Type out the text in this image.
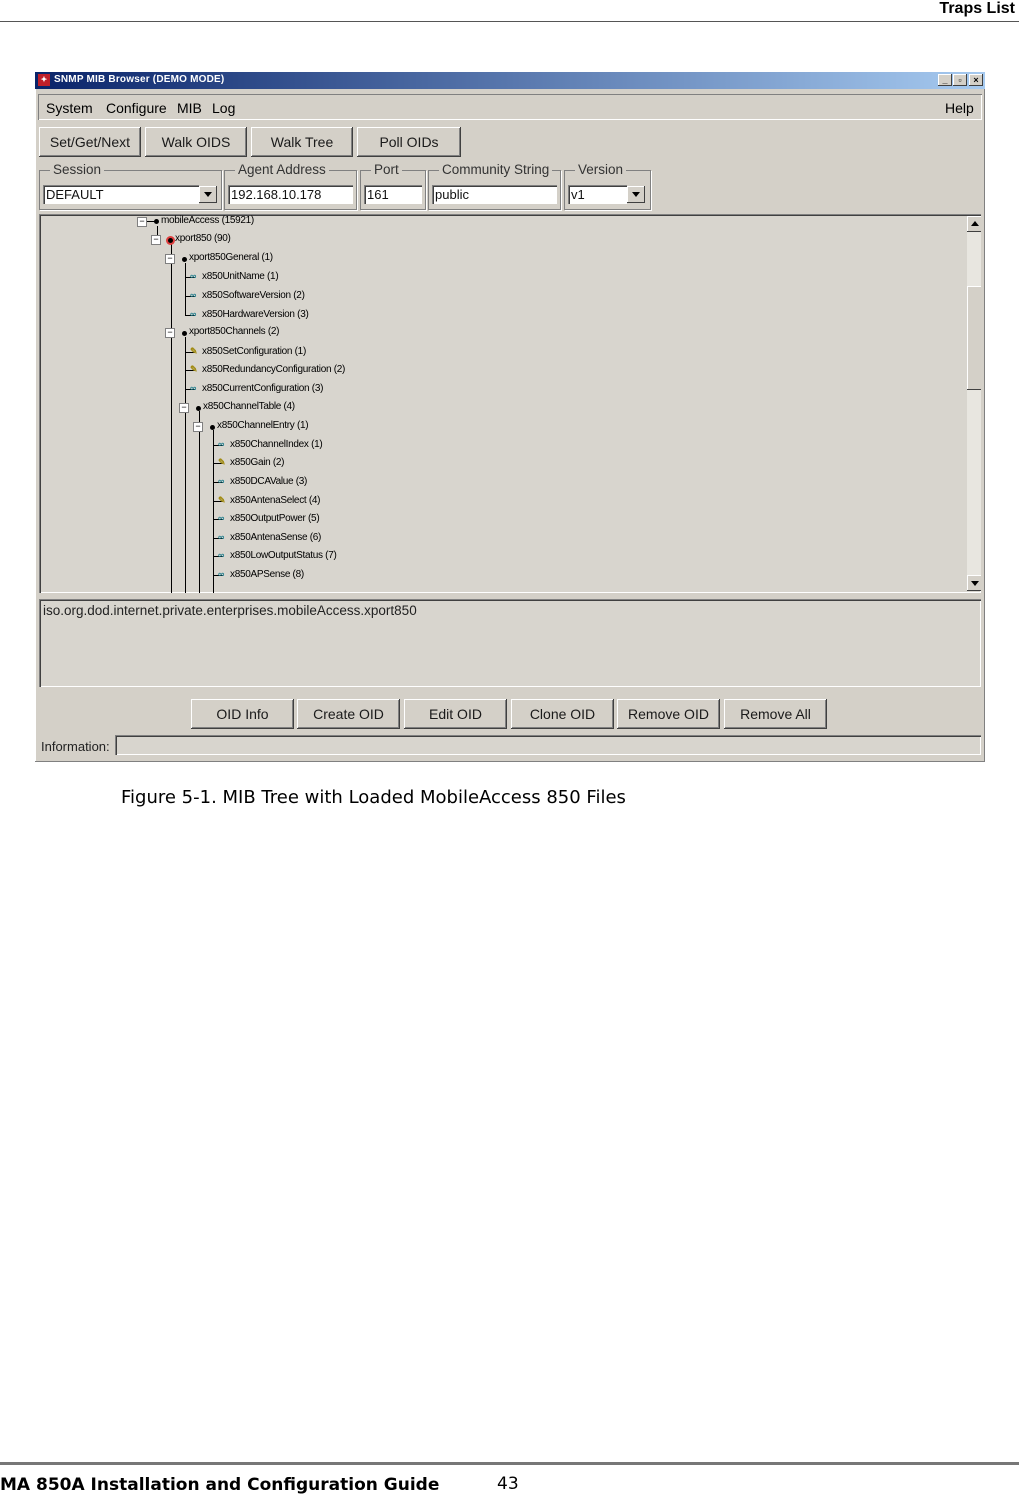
Traps List
✦ SNMP MIB Browser (DEMO MODE)	_	▫	×
System Configure MIB Log	Help
Set/Get/Next	Walk OIDS	Walk Tree	Poll OIDs
Session
DEFAULT
Agent Address
192.168.10.178
Port
161
Community String
public
Version
v1
− mobileAccess (15921)
− xport850 (90)
− xport850General (1)
∞ x850UnitName (1)
∞ x850SoftwareVersion (2)
∞ x850HardwareVersion (3)
− xport850Channels (2)
✎ x850SetConfiguration (1)
✎ x850RedundancyConfiguration (2)
∞ x850CurrentConfiguration (3)
− x850ChannelTable (4)
− x850ChannelEntry (1)
∞ x850ChannelIndex (1)
✎ x850Gain (2)
∞ x850DCAValue (3)
✎ x850AntenaSelect (4)
∞ x850OutputPower (5)
∞ x850AntenaSense (6)
∞ x850LowOutputStatus (7)
∞ x850APSense (8)
iso.org.dod.internet.private.enterprises.mobileAccess.xport850
OID Info	Create OID	Edit OID	Clone OID	Remove OID	Remove All
Information:
Figure 5-1. MIB Tree with Loaded MobileAccess 850 Files
MA 850A Installation and Configuration Guide	43
